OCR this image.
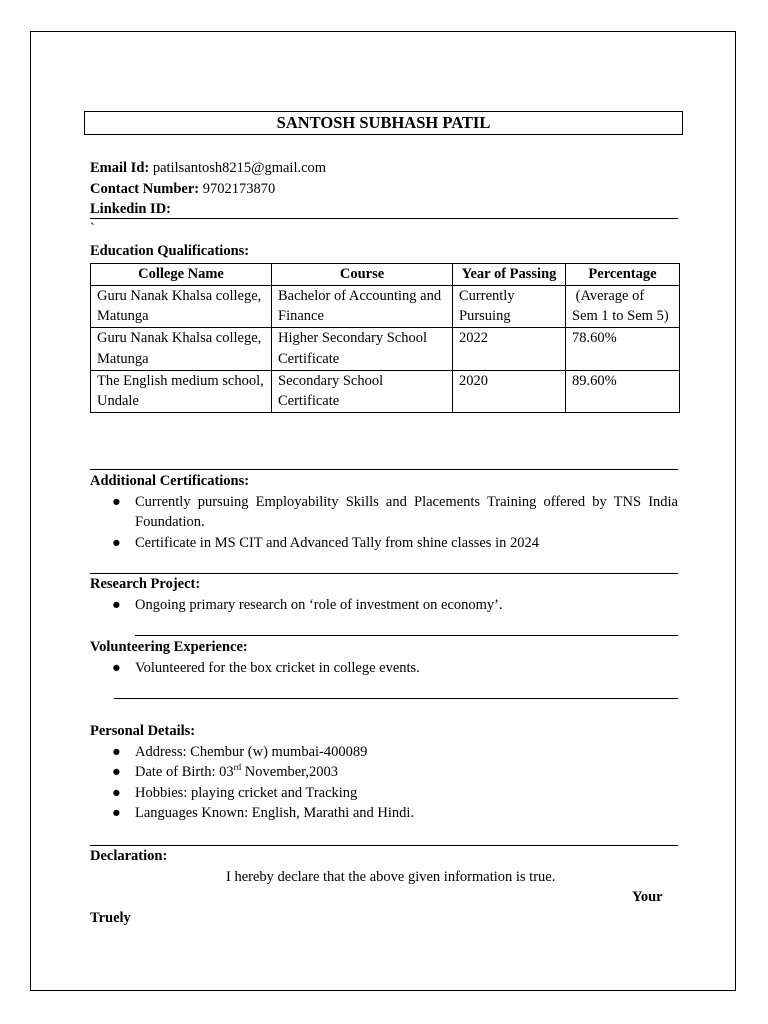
SANTOSH SUBHASH PATIL
Email Id: patilsantosh8215@gmail.com
Contact Number: 9702173870
Linkedin ID:
`
Education Qualifications:
College Name	Course	Year of Passing	Percentage
Guru Nanak Khalsa college, Matunga	Bachelor of Accounting and Finance	Currently Pursuing	(Average of Sem 1 to Sem 5)
Guru Nanak Khalsa college, Matunga	Higher Secondary School Certificate	2022	78.60%
The English medium school, Undale	Secondary School Certificate	2020	89.60%
Additional Certifications:
● Currently pursuing Employability Skills and Placements Training offered by TNS India Foundation.
● Certificate in MS CIT and Advanced Tally from shine classes in 2024
Research Project:
● Ongoing primary research on ‘role of investment on economy’.
Volunteering Experience:
● Volunteered for the box cricket in college events.
Personal Details:
● Address: Chembur (w) mumbai-400089
● Date of Birth: 03rd November,2003
● Hobbies: playing cricket and Tracking
● Languages Known: English, Marathi and Hindi.
Declaration:
I hereby declare that the above given information is true.
Your
Truely
